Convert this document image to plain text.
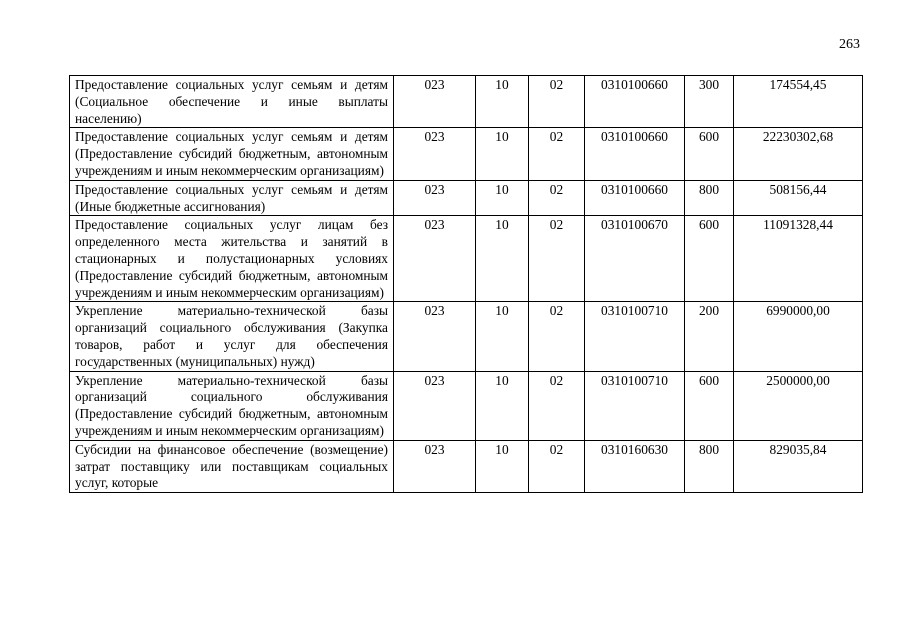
263
Предоставление социальных услуг семьям и детям (Социальное обеспечение и иные выплаты населению)	023	10	02	0310100660	300	174554,45
Предоставление социальных услуг семьям и детям (Предоставление субсидий бюджетным, автономным учреждениям и иным некоммерческим организациям)	023	10	02	0310100660	600	22230302,68
Предоставление социальных услуг семьям и детям (Иные бюджетные ассигнования)	023	10	02	0310100660	800	508156,44
Предоставление социальных услуг лицам без определенного места жительства и занятий в стационарных и полустационарных условиях (Предоставление субсидий бюджетным, автономным учреждениям и иным некоммерческим организациям)	023	10	02	0310100670	600	11091328,44
Укрепление материально-технической базы организаций социального обслуживания (Закупка товаров, работ и услуг для обеспечения государственных (муниципальных) нужд)	023	10	02	0310100710	200	6990000,00
Укрепление материально-технической базы организаций социального обслуживания (Предоставление субсидий бюджетным, автономным учреждениям и иным некоммерческим организациям)	023	10	02	0310100710	600	2500000,00
Субсидии на финансовое обеспечение (возмещение) затрат поставщику или поставщикам социальных услуг, которые	023	10	02	0310160630	800	829035,84
